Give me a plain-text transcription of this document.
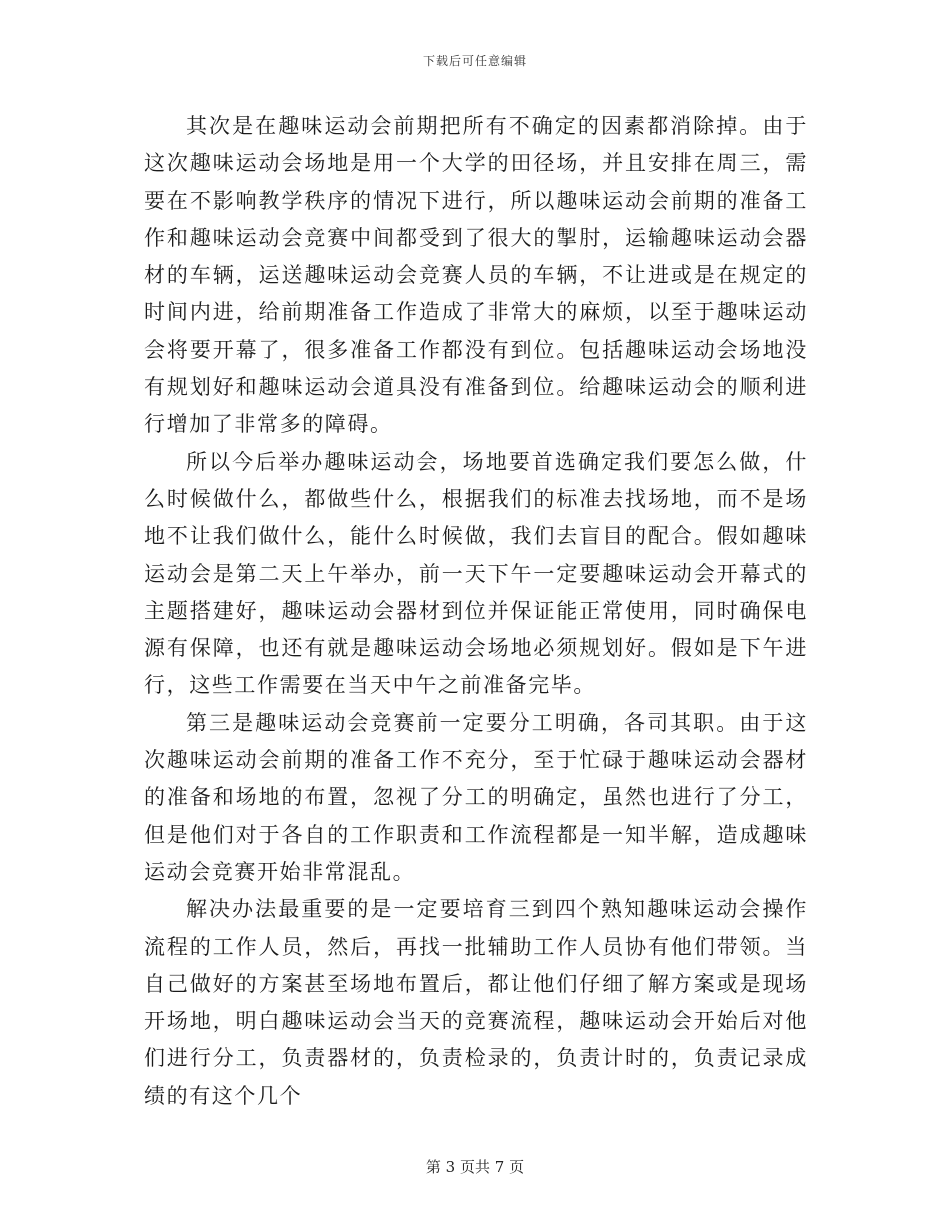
下载后可任意编辑

其次是在趣味运动会前期把所有不确定的因素都消除掉。由于这次趣味运动会场地是用一个大学的田径场，并且安排在周三，需要在不影响教学秩序的情况下进行，所以趣味运动会前期的准备工作和趣味运动会竞赛中间都受到了很大的掣肘，运输趣味运动会器材的车辆，运送趣味运动会竞赛人员的车辆，不让进或是在规定的时间内进，给前期准备工作造成了非常大的麻烦，以至于趣味运动会将要开幕了，很多准备工作都没有到位。包括趣味运动会场地没有规划好和趣味运动会道具没有准备到位。给趣味运动会的顺利进行增加了非常多的障碍。

所以今后举办趣味运动会，场地要首选确定我们要怎么做，什么时候做什么，都做些什么，根据我们的标准去找场地，而不是场地不让我们做什么，能什么时候做，我们去盲目的配合。假如趣味运动会是第二天上午举办，前一天下午一定要趣味运动会开幕式的主题搭建好，趣味运动会器材到位并保证能正常使用，同时确保电源有保障，也还有就是趣味运动会场地必须规划好。假如是下午进行，这些工作需要在当天中午之前准备完毕。

第三是趣味运动会竞赛前一定要分工明确，各司其职。由于这次趣味运动会前期的准备工作不充分，至于忙碌于趣味运动会器材的准备和场地的布置，忽视了分工的明确定，虽然也进行了分工，但是他们对于各自的工作职责和工作流程都是一知半解，造成趣味运动会竞赛开始非常混乱。

解决办法最重要的是一定要培育三到四个熟知趣味运动会操作流程的工作人员，然后，再找一批辅助工作人员协有他们带领。当自己做好的方案甚至场地布置后，都让他们仔细了解方案或是现场开场地，明白趣味运动会当天的竞赛流程，趣味运动会开始后对他们进行分工，负责器材的，负责检录的，负责计时的，负责记录成绩的有这个几个

第 3 页共 7 页
